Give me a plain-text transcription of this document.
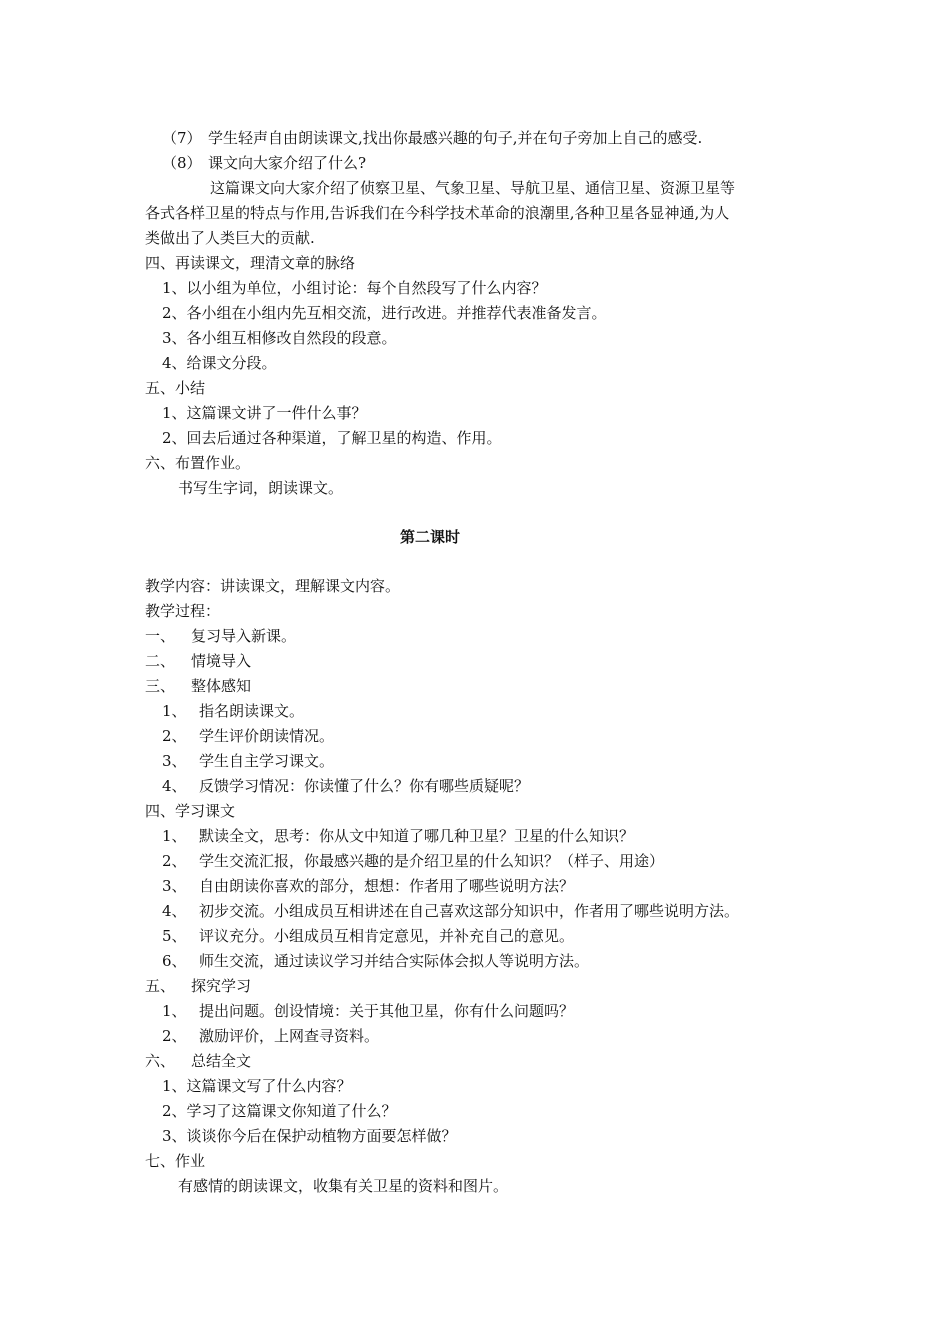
（7） 学生轻声自由朗读课文,找出你最感兴趣的句子,并在句子旁加上自己的感受.
（8） 课文向大家介绍了什么?
这篇课文向大家介绍了侦察卫星、气象卫星、导航卫星、通信卫星、资源卫星等
各式各样卫星的特点与作用,告诉我们在今科学技术革命的浪潮里,各种卫星各显神通,为人
类做出了人类巨大的贡献.
四、再读课文，理清文章的脉络
1、以小组为单位，小组讨论：每个自然段写了什么内容？
2、各小组在小组内先互相交流，进行改进。并推荐代表准备发言。
3、各小组互相修改自然段的段意。
4、给课文分段。
五、小结
1、这篇课文讲了一件什么事？
2、回去后通过各种渠道，了解卫星的构造、作用。
六、布置作业。
书写生字词，朗读课文。
第二课时
教学内容：讲读课文，理解课文内容。
教学过程：
一、 复习导入新课。
二、 情境导入
三、 整体感知
1、 指名朗读课文。
2、 学生评价朗读情况。
3、 学生自主学习课文。
4、 反馈学习情况：你读懂了什么？你有哪些质疑呢？
四、学习课文
1、 默读全文，思考：你从文中知道了哪几种卫星？卫星的什么知识？
2、 学生交流汇报，你最感兴趣的是介绍卫星的什么知识？（样子、用途）
3、 自由朗读你喜欢的部分，想想：作者用了哪些说明方法？
4、 初步交流。小组成员互相讲述在自己喜欢这部分知识中，作者用了哪些说明方法。
5、 评议充分。小组成员互相肯定意见，并补充自己的意见。
6、 师生交流，通过读议学习并结合实际体会拟人等说明方法。
五、 探究学习
1、 提出问题。创设情境：关于其他卫星，你有什么问题吗？
2、 激励评价，上网查寻资料。
六、 总结全文
1、这篇课文写了什么内容？
2、学习了这篇课文你知道了什么？
3、谈谈你今后在保护动植物方面要怎样做？
七、作业
有感情的朗读课文，收集有关卫星的资料和图片。
